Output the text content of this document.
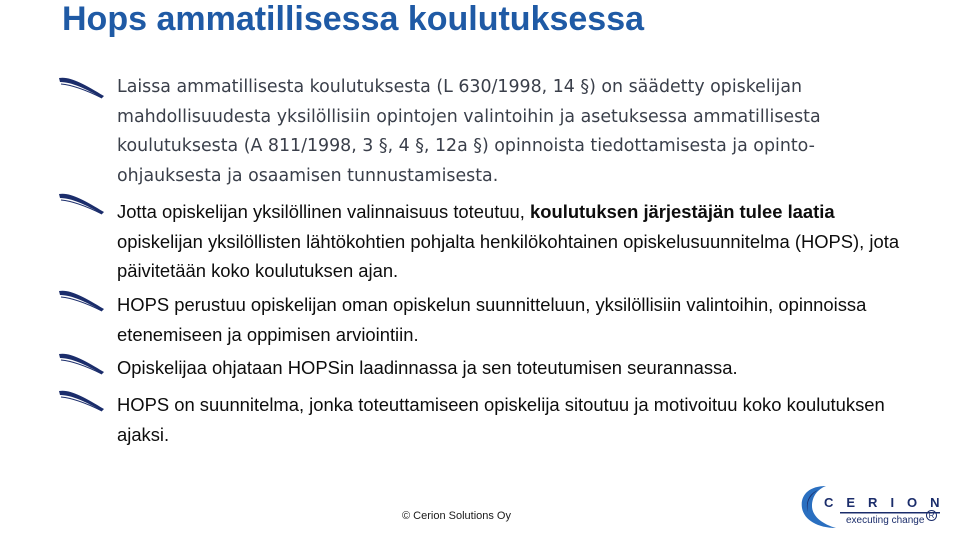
Hops ammatillisessa koulutuksessa
Laissa ammatillisesta koulutuksesta (L 630/1998, 14 §) on säädetty opiskelijan mahdollisuudesta yksilöllisiin opintojen valintoihin ja asetuksessa ammatillisesta koulutuksesta (A 811/1998, 3 §, 4 §, 12a §) opinnoista tiedottamisesta ja opinto-ohjauksesta ja osaamisen tunnustamisesta.
Jotta opiskelijan yksilöllinen valinnaisuus toteutuu, koulutuksen järjestäjän tulee laatia opiskelijan yksilöllisten lähtökohtien pohjalta henkilökohtainen opiskelusuunnitelma (HOPS), jota päivitetään koko koulutuksen ajan.
HOPS perustuu opiskelijan oman opiskelun suunnitteluun, yksilöllisiin valintoihin, opinnoissa etenemiseen ja oppimisen arviointiin.
Opiskelijaa ohjataan HOPSin laadinnassa ja sen toteutumisen seurannassa.
HOPS on suunnitelma, jonka toteuttamiseen opiskelija sitoutuu ja motivoituu koko koulutuksen ajaksi.
© Cerion Solutions Oy
CERION
executing change R
